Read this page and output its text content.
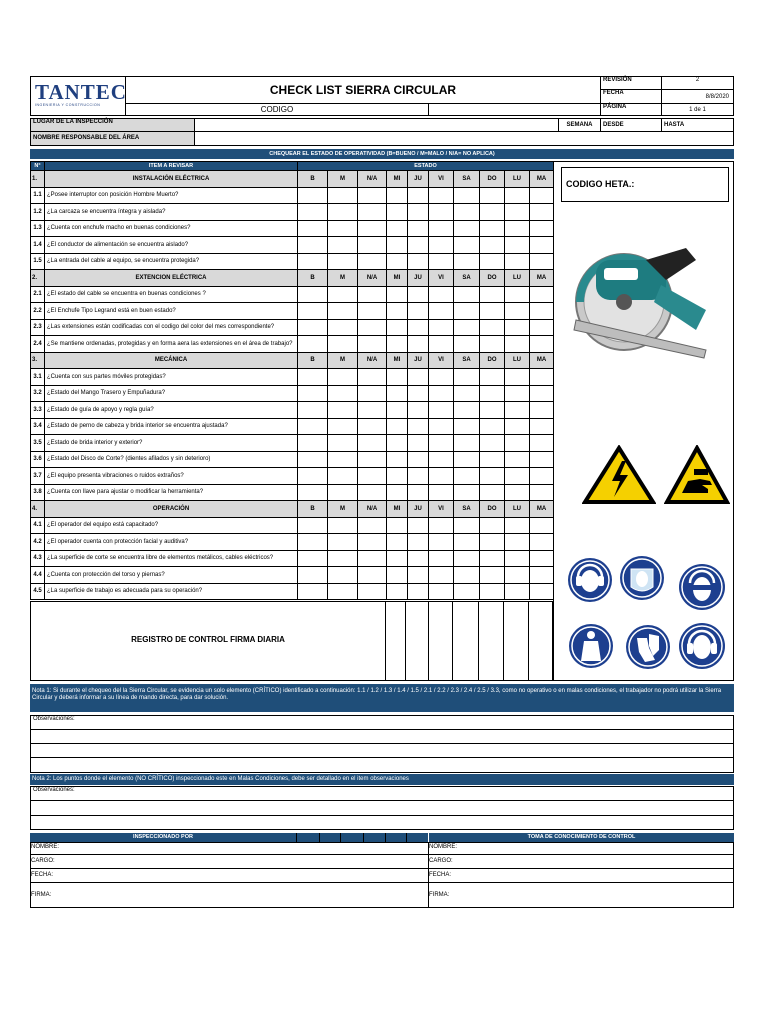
TANTEC
INGENIERIA Y CONSTRUCCION
CHECK LIST SIERRA CIRCULAR
CODIGO
REVISIÓN	2
FECHA
8/8/2020
PÁGINA	1 de 1
LUGAR DE LA INSPECCIÓN	SEMANA	DESDE	HASTA
NOMBRE RESPONSABLE DEL ÁREA
CHEQUEAR EL ESTADO DE OPERATIVIDAD (B=BUENO / M=MALO / N/A= NO APLICA)
N°	ITEM A REVISAR	ESTADO									
1.	INSTALACIÓN ELÉCTRICA	B	M	N/A	MI	JU	VI	SA	DO	LU	MA
1.1	¿Posee interruptor con posición Hombre Muerto?										
1.2	¿La carcaza se encuentra íntegra y aislada?										
1.3	¿Cuenta con enchufe macho en buenas condiciones?										
1.4	¿El conductor de alimentación se encuentra aislado?										
1.5	¿La entrada del cable al equipo, se encuentra protegida?										
2.	EXTENCION ELÉCTRICA	B	M	N/A	MI	JU	VI	SA	DO	LU	MA
2.1	¿El estado del cable se encuentra en buenas condiciones ?										
2.2	¿El Enchufe Tipo Legrand está en buen estado?										
2.3	¿Las extensiones están codificadas con el codigo del color del mes correspondiente?										
2.4	¿Se mantiene ordenadas, protegidas y en forma aera las extensiones en el área de trabajo?										
3.	MECÁNICA	B	M	N/A	MI	JU	VI	SA	DO	LU	MA
3.1	¿Cuenta con sus partes móviles protegidas?										
3.2	¿Estado del Mango Trasero y Empuñadura?										
3.3	¿Estado de guía de apoyo y regla guía?										
3.4	¿Estado de perno de cabeza y brida interior se encuentra ajustada?										
3.5	¿Estado de brida interior y exterior?										
3.6	¿Estado del Disco de Corte? (dientes afilados y sin deterioro)										
3.7	¿El equipo presenta vibraciones o ruidos extraños?										
3.8	¿Cuenta con llave para ajustar o modificar la herramienta?										
4.	OPERACIÓN	B	M	N/A	MI	JU	VI	SA	DO	LU	MA
4.1	¿El operador del equipo está capacitado?										
4.2	¿El operador cuenta con protección facial y auditiva?										
4.3	¿La superficie de corte se encuentra libre de elementos metálicos, cables eléctricos?										
4.4	¿Cuenta con protección del torso y piernas?										
4.5	¿La superficie de trabajo es adecuada para su operación?										
REGISTRO DE CONTROL FIRMA DIARIA
CODIGO HETA.:
Nota 1: Si durante el chequeo del la Sierra Circular, se evidencia un solo elemento (CRÍTICO) identificado a continuación: 1.1 / 1.2 / 1.3 / 1.4 / 1.5 / 2.1 / 2.2 / 2.3 / 2.4 / 2.5 / 3.3, como no operativo o en malas condiciones, el trabajador no podrá utilizar la Sierra Circular y deberá informar a su línea de mando directa, para dar solución.
Observaciones:
Nota 2: Los puntos donde el elemento (NO CRÍTICO) inspeccionado este en Malas Condiciones, debe ser detallado en el item observaciones
Observaciones:
INSPECCIONADO POR	TOMA DE CONOCIMIENTO DE CONTROL
NOMBRE:
CARGO:
FECHA:
FIRMA:
NOMBRE:
CARGO:
FECHA:
FIRMA:
